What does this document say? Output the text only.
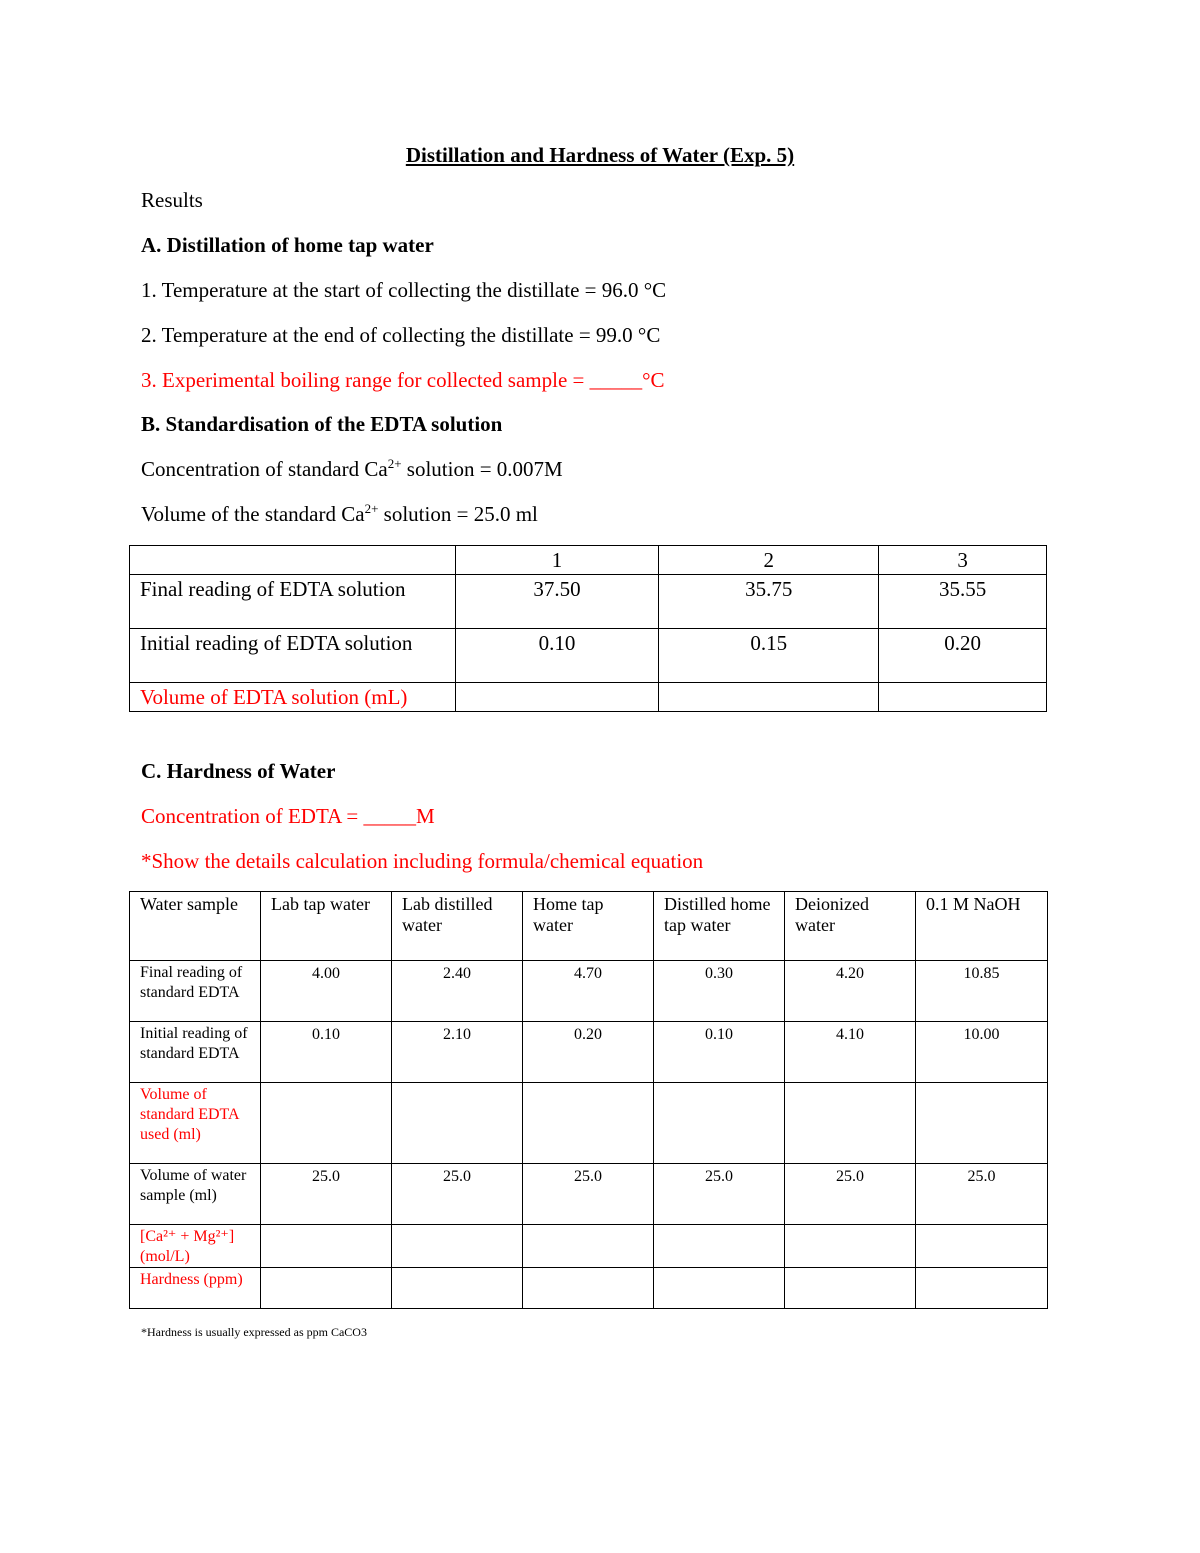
Distillation and Hardness of Water (Exp. 5)
Results
A. Distillation of home tap water
1. Temperature at the start of collecting the distillate = 96.0 °C
2. Temperature at the end of collecting the distillate = 99.0 °C
3. Experimental boiling range for collected sample = _____°C
B. Standardisation of the EDTA solution
Concentration of standard $Ca^{2+}$ solution = 0.007M
Volume of the standard $Ca^{2+}$ solution = 25.0 ml
	1	2	3
Final reading of EDTA solution	37.50	35.75	35.55
Initial reading of EDTA solution	0.10	0.15	0.20
Volume of EDTA solution (mL)			
C. Hardness of Water
Concentration of EDTA = _____M
*Show the details calculation including formula/chemical equation
Water sample	Lab tap water	Lab distilled water	Home tap water	Distilled home tap water	Deionized water	0.1 M NaOH
Final reading of standard EDTA	4.00	2.40	4.70	0.30	4.20	10.85
Initial reading of standard EDTA	0.10	2.10	0.20	0.10	4.10	10.00
Volume of standard EDTA used (ml)						
Volume of water sample (ml)	25.0	25.0	25.0	25.0	25.0	25.0
[Ca²⁺ + Mg²⁺] (mol/L)						
Hardness (ppm)						
*Hardness is usually expressed as ppm CaCO3
